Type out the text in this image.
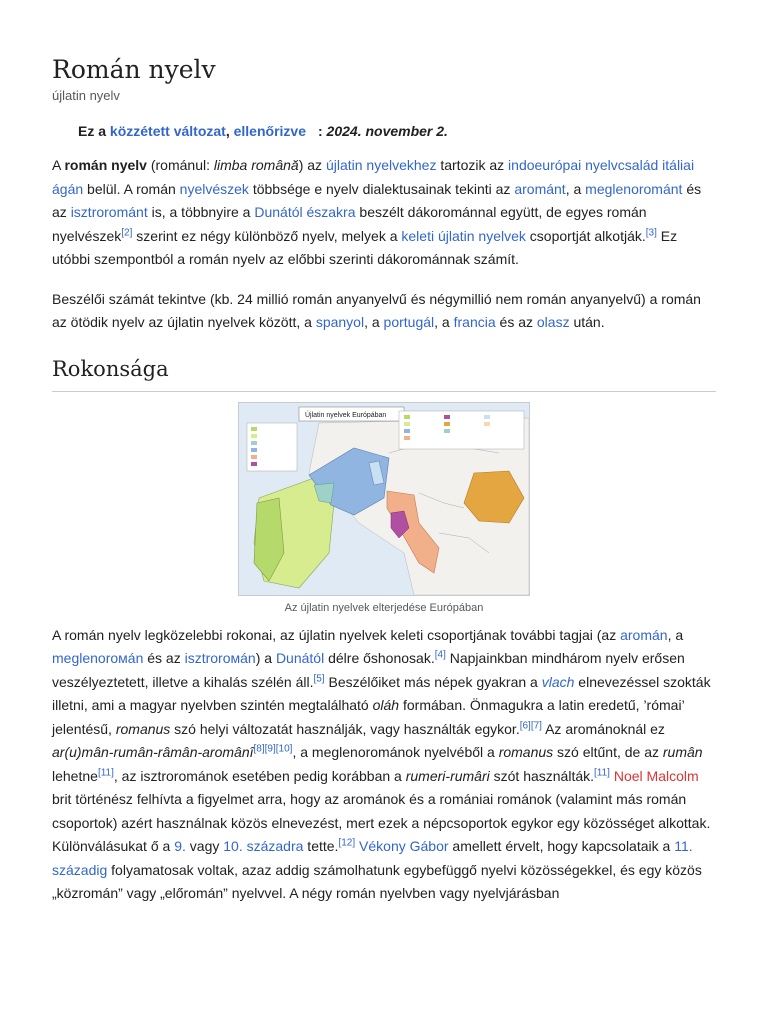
Román nyelv
újlatin nyelv
Ez a közzétett változat, ellenőrizve : 2024. november 2.

A román nyelv (románul: limba română) az újlatin nyelvekhez tartozik az indoeurópai nyelvcsalád itáliai ágán belül. A román nyelvészek többsége e nyelv dialektusainak tekinti az arománt, a meglenorománt és az isztrorománt is, a többnyire a Dunától északra beszélt dákorománnal együtt, de egyes román nyelvészek[2] szerint ez négy különböző nyelv, melyek a keleti újlatin nyelvek csoportját alkotják.[3] Ez utóbbi szempontból a román nyelv az előbbi szerinti dákorománnak számít.

Beszélői számát tekintve (kb. 24 millió román anyanyelvű és négymillió nem román anyanyelvű) a román az ötödik nyelv az újlatin nyelvek között, a spanyol, a portugál, a francia és az olasz után.

Rokonsága
Újlatin nyelvek Európában
Az újlatin nyelvek elterjedése Európában

A román nyelv legközelebbi rokonai, az újlatin nyelvek keleti csoportjának további tagjai (az aromán, a meglenorомán és az isztrorомán) a Dunától délre őshonosak.[4] Napjainkban mindhárom nyelv erősen veszélyeztetett, illetve a kihalás szélén áll.[5] Beszélőiket más népek gyakran a vlach elnevezéssel szokták illetni, ami a magyar nyelvben szintén megtalálható oláh formában. Önmagukra a latin eredetű, ’római’ jelentésű, romanus szó helyi változatát használják, vagy használták egykor.[6][7] Az arománoknál ez ar(u)mân-rumân-râmân-aromânî[8][9][10], a meglenorománok nyelvéből a romanus szó eltűnt, de az rumân lehetne[11], az isztrorománok esetében pedig korábban a rumeri-rumâri szót használták.[11] Noel Malcolm brit történész felhívta a figyelmet arra, hogy az arománok és a romániai románok (valamint más román csoportok) azért használnak közös elnevezést, mert ezek a népcsoportok egykor egy közösséget alkottak. Különválásukat ő a 9. vagy 10. századra tette.[12] Vékony Gábor amellett érvelt, hogy kapcsolataik a 11. századig folyamatosak voltak, azaz addig számolhatunk egybefüggő nyelvi közösségekkel, és egy közös „közromán” vagy „előromán” nyelvvel. A négy román nyelvben vagy nyelvjárásban
